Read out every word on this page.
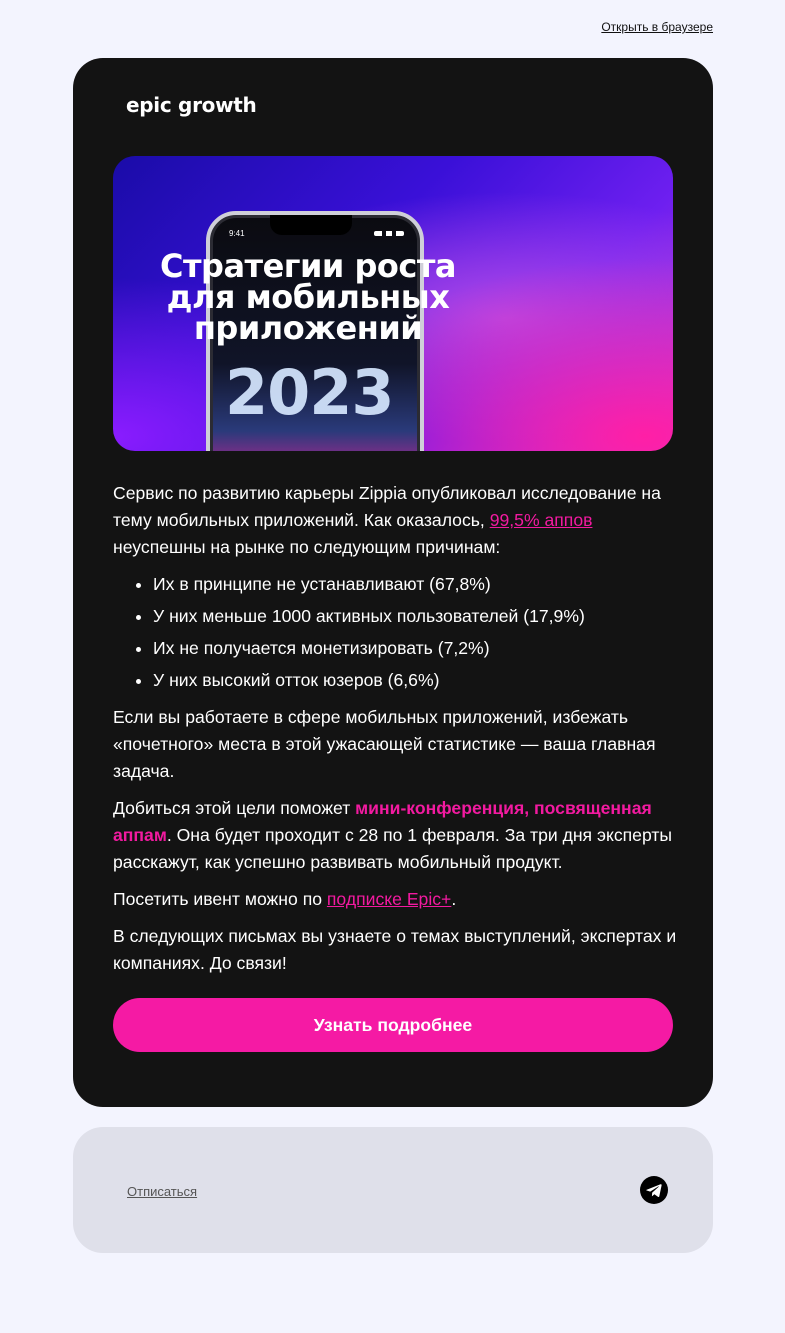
Открыть в браузере
epic growth
9:41
Стратегии роста для мобильных приложений
2023

Сервис по развитию карьеры Zippia опубликовал исследование на тему мобильных приложений. Как оказалось, 99,5% аппов неуспешны на рынке по следующим причинам:

• Их в принципе не устанавливают (67,8%)
• У них меньше 1000 активных пользователей (17,9%)
• Их не получается монетизировать (7,2%)
• У них высокий отток юзеров (6,6%)

Если вы работаете в сфере мобильных приложений, избежать «почетного» места в этой ужасающей статистике — ваша главная задача.

Добиться этой цели поможет мини-конференция, посвященная аппам. Она будет проходит с 28 по 1 февраля. За три дня эксперты расскажут, как успешно развивать мобильный продукт.

Посетить ивент можно по подписке Epic+.

В следующих письмах вы узнаете о темах выступлений, экспертах и компаниях. До связи!

Узнать подробнее
Отписаться
